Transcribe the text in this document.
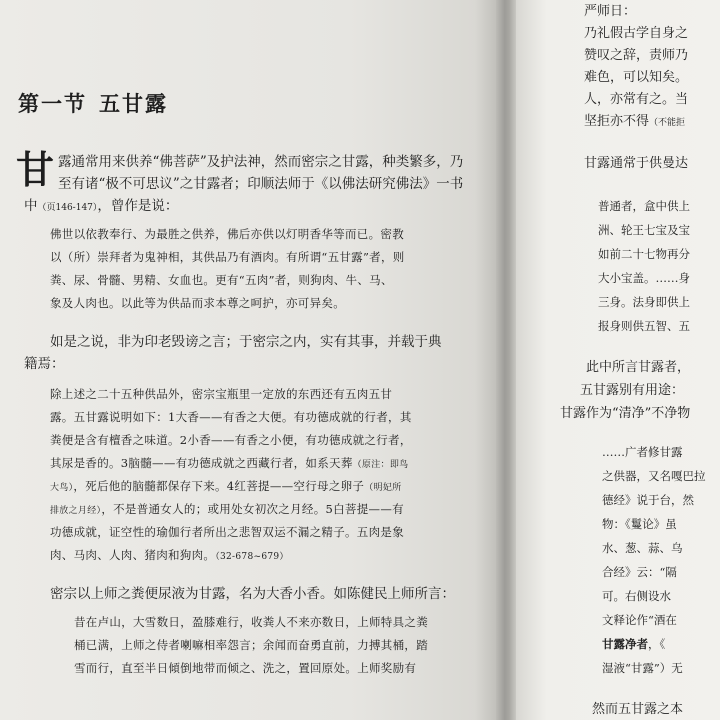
第一节 五甘露
甘 露通常用来供养“佛菩萨”及护法神，然而密宗之甘露，种类繁多，乃
至有诸“极不可思议”之甘露者；印顺法师于《以佛法研究佛法》一书
中（页146-147），曾作是说：
佛世以依教奉行、为最胜之供养，佛后亦供以灯明香华等而已。密教
以（所）崇拜者为鬼神相，其供品乃有酒肉。有所谓“五甘露”者，则
粪、尿、骨髓、男精、女血也。更有“五肉”者，则狗肉、牛、马、
象及人肉也。以此等为供品而求本尊之呵护，亦可异矣。
如是之说，非为印老毁谤之言；于密宗之内，实有其事，并载于典
籍焉：
除上述之二十五种供品外，密宗宝瓶里一定放的东西还有五肉五甘
露。五甘露说明如下：1大香——有香之大便。有功德成就的行者，其
粪便是含有檀香之味道。2小香——有香之小便，有功德成就之行者，
其尿是香的。3脑髓——有功德成就之西藏行者，如系天葬（原注：即鸟
大鸟），死后他的脑髓都保存下来。4红菩提——空行母之卵子（明妃所
排放之月经），不是普通女人的；或用处女初次之月经。5白菩提——有
功德成就，证空性的瑜伽行者所出之悲智双运不漏之精子。五肉是象
肉、马肉、人肉、猪肉和狗肉。（32-678~679）
密宗以上师之粪便尿液为甘露，名为大香小香。如陈健民上师所言：
昔在卢山，大雪数日，盈膝难行，收粪人不来亦数日，上师特具之粪
桶已满，上师之侍者喇嘛相率怨言；余闻而奋勇直前，力搏其桶，踏
雪而行，直至半日傾倒地带而倾之、洗之，置回原处。上师奖励有
严师日：
乃礼假古学自身之
赞叹之辞，责师乃
难色，可以知矣。
人，亦常有之。当
坚拒亦不得（不能拒
甘露通常于供曼达
普通者，盒中供上
洲、轮王七宝及宝
如前二十七物再分
大小宝盖。……身
三身。法身即供上
报身则供五智、五
此中所言甘露者，
五甘露别有用途：
甘露作为“清净”不净物
……广者修甘露
之供器，又名嘎巴拉
德经》说于台，然
物：《鬘论》虽
水、葱、蒜、乌
合经》云：“隔
可。右侧设水
文释论作“酒在
甘露净者，《
湿液“甘露”）无
然而五甘露之本
